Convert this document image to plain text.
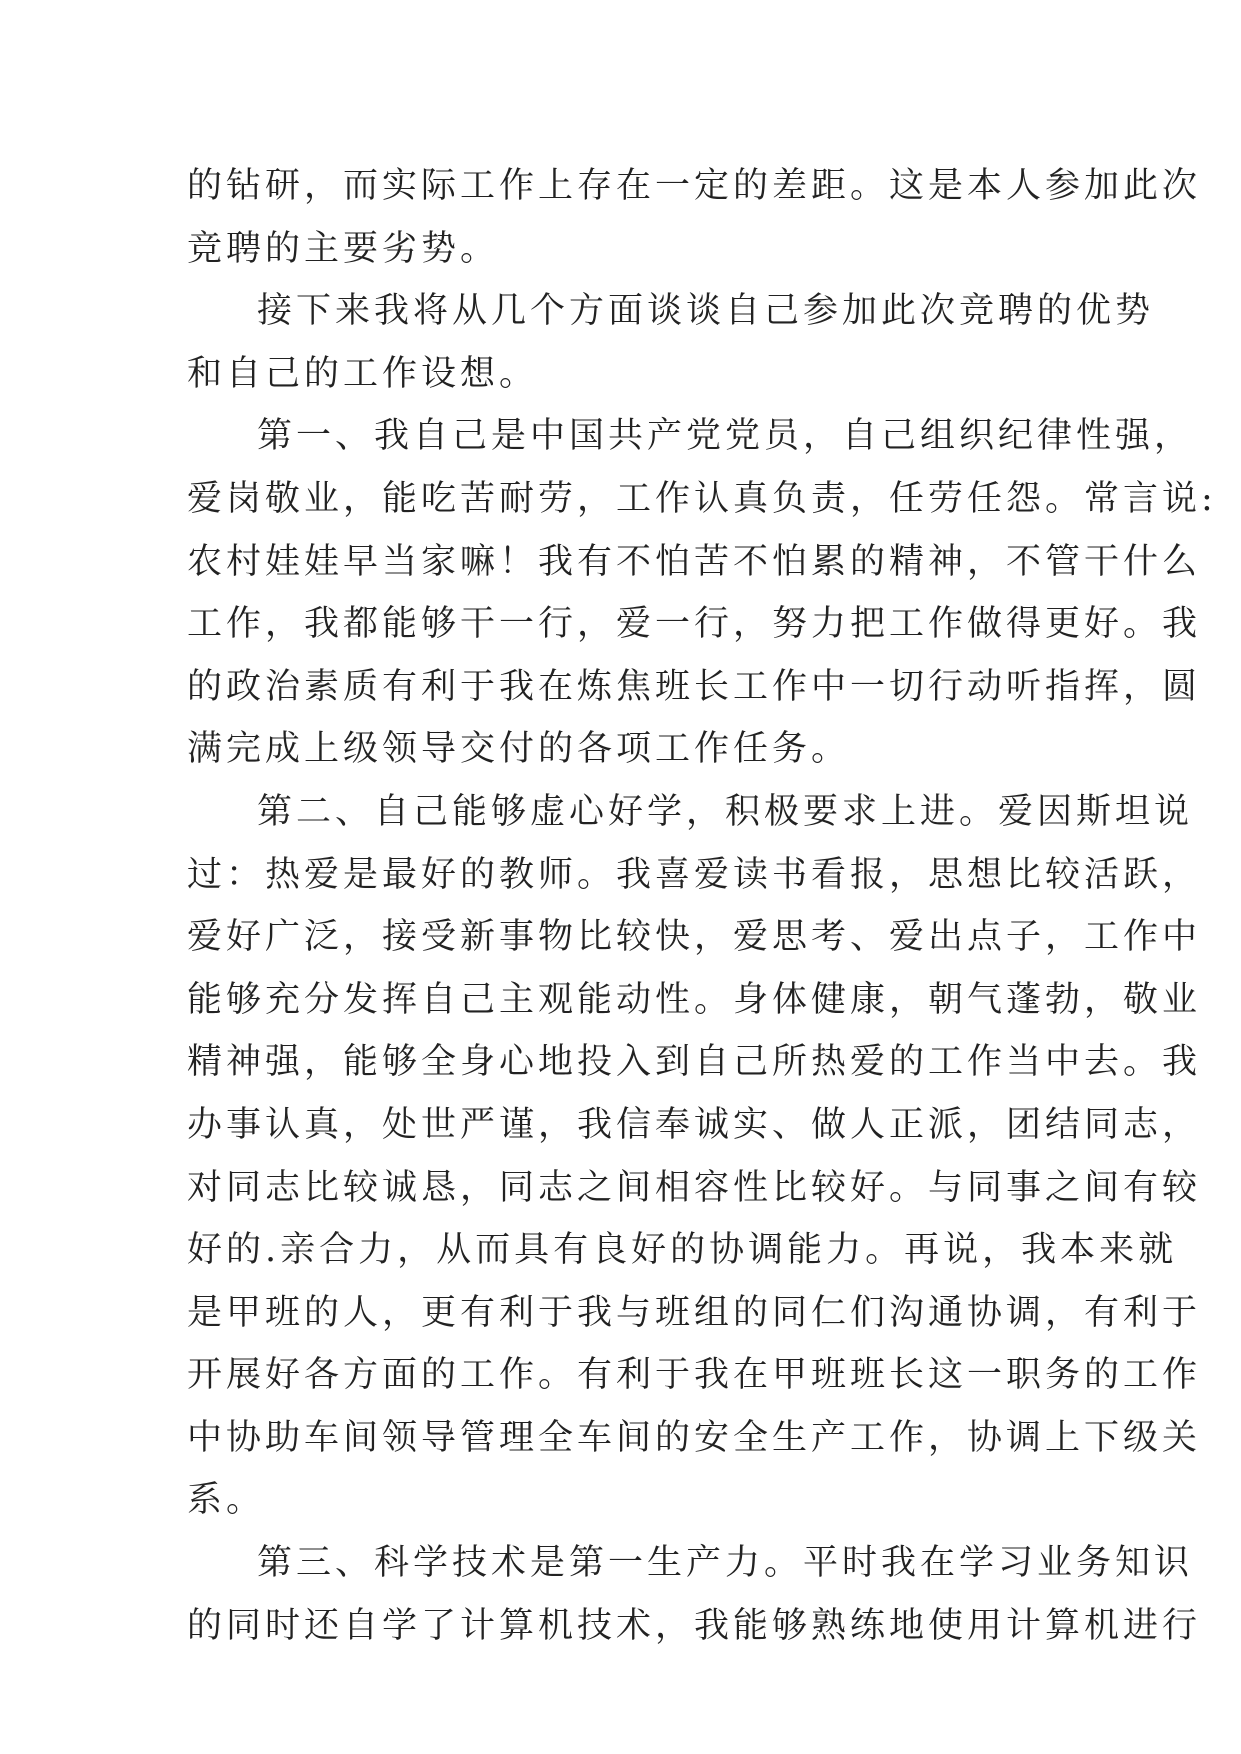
的钻研，而实际工作上存在一定的差距。这是本人参加此次
竞聘的主要劣势。
接下来我将从几个方面谈谈自己参加此次竞聘的优势
和自己的工作设想。
第一、我自己是中国共产党党员，自己组织纪律性强，
爱岗敬业，能吃苦耐劳，工作认真负责，任劳任怨。常言说:
农村娃娃早当家嘛！我有不怕苦不怕累的精神，不管干什么
工作，我都能够干一行，爱一行，努力把工作做得更好。我
的政治素质有利于我在炼焦班长工作中一切行动听指挥，圆
满完成上级领导交付的各项工作任务。
第二、自己能够虚心好学，积极要求上进。爱因斯坦说
过：热爱是最好的教师。我喜爱读书看报，思想比较活跃，
爱好广泛，接受新事物比较快，爱思考、爱出点子，工作中
能够充分发挥自己主观能动性。身体健康，朝气蓬勃，敬业
精神强，能够全身心地投入到自己所热爱的工作当中去。我
办事认真，处世严谨，我信奉诚实、做人正派，团结同志，
对同志比较诚恳，同志之间相容性比较好。与同事之间有较
好的.亲合力，从而具有良好的协调能力。再说，我本来就
是甲班的人，更有利于我与班组的同仁们沟通协调，有利于
开展好各方面的工作。有利于我在甲班班长这一职务的工作
中协助车间领导管理全车间的安全生产工作，协调上下级关
系。
第三、科学技术是第一生产力。平时我在学习业务知识
的同时还自学了计算机技术，我能够熟练地使用计算机进行
